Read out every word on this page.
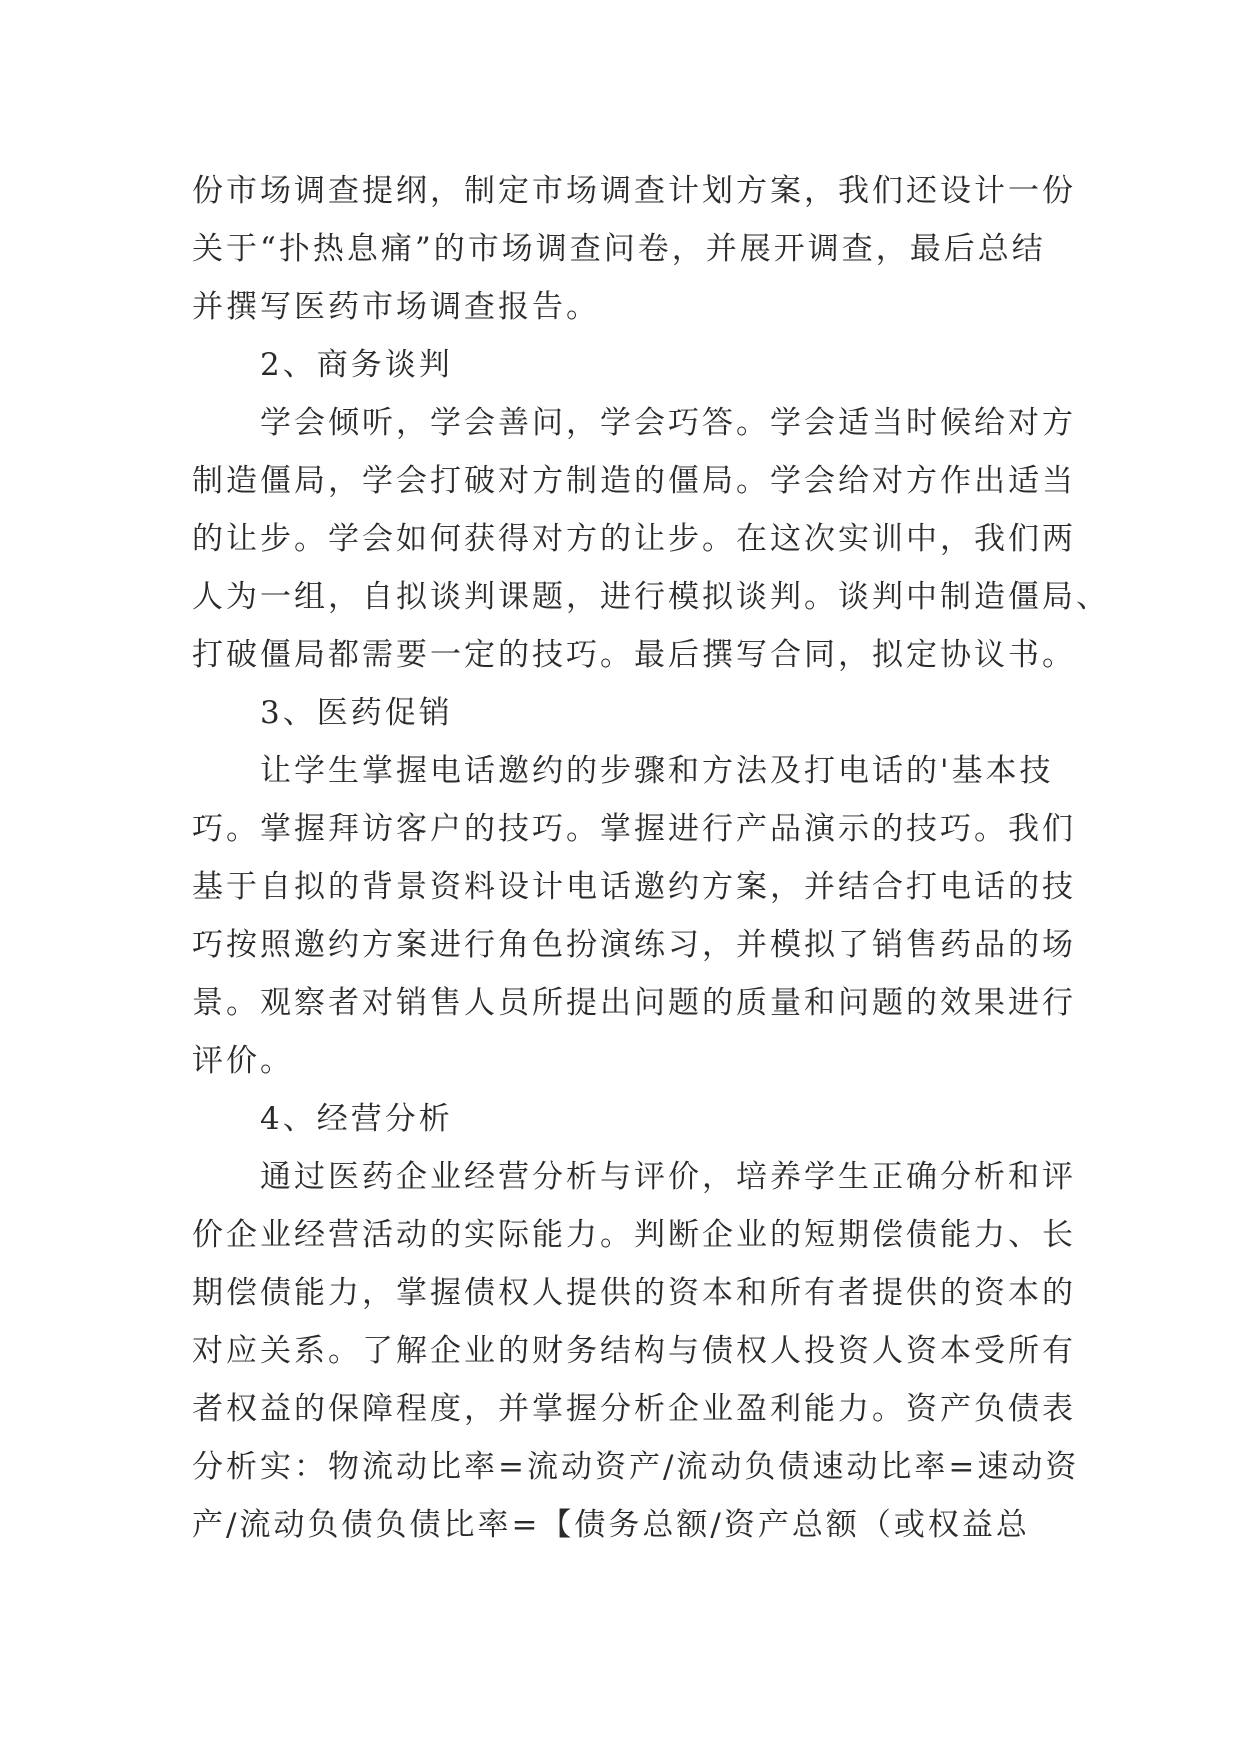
份市场调查提纲，制定市场调查计划方案，我们还设计一份
关于“扑热息痛”的市场调查问卷，并展开调查，最后总结
并撰写医药市场调查报告。
2、商务谈判
学会倾听，学会善问，学会巧答。学会适当时候给对方
制造僵局，学会打破对方制造的僵局。学会给对方作出适当
的让步。学会如何获得对方的让步。在这次实训中，我们两
人为一组，自拟谈判课题，进行模拟谈判。谈判中制造僵局、
打破僵局都需要一定的技巧。最后撰写合同，拟定协议书。
3、医药促销
让学生掌握电话邀约的步骤和方法及打电话的'基本技
巧。掌握拜访客户的技巧。掌握进行产品演示的技巧。我们
基于自拟的背景资料设计电话邀约方案，并结合打电话的技
巧按照邀约方案进行角色扮演练习，并模拟了销售药品的场
景。观察者对销售人员所提出问题的质量和问题的效果进行
评价。
4、经营分析
通过医药企业经营分析与评价，培养学生正确分析和评
价企业经营活动的实际能力。判断企业的短期偿债能力、长
期偿债能力，掌握债权人提供的资本和所有者提供的资本的
对应关系。了解企业的财务结构与债权人投资人资本受所有
者权益的保障程度，并掌握分析企业盈利能力。资产负债表
分析实：物流动比率=流动资产/流动负债速动比率=速动资
产/流动负债负债比率=【债务总额/资产总额（或权益总
